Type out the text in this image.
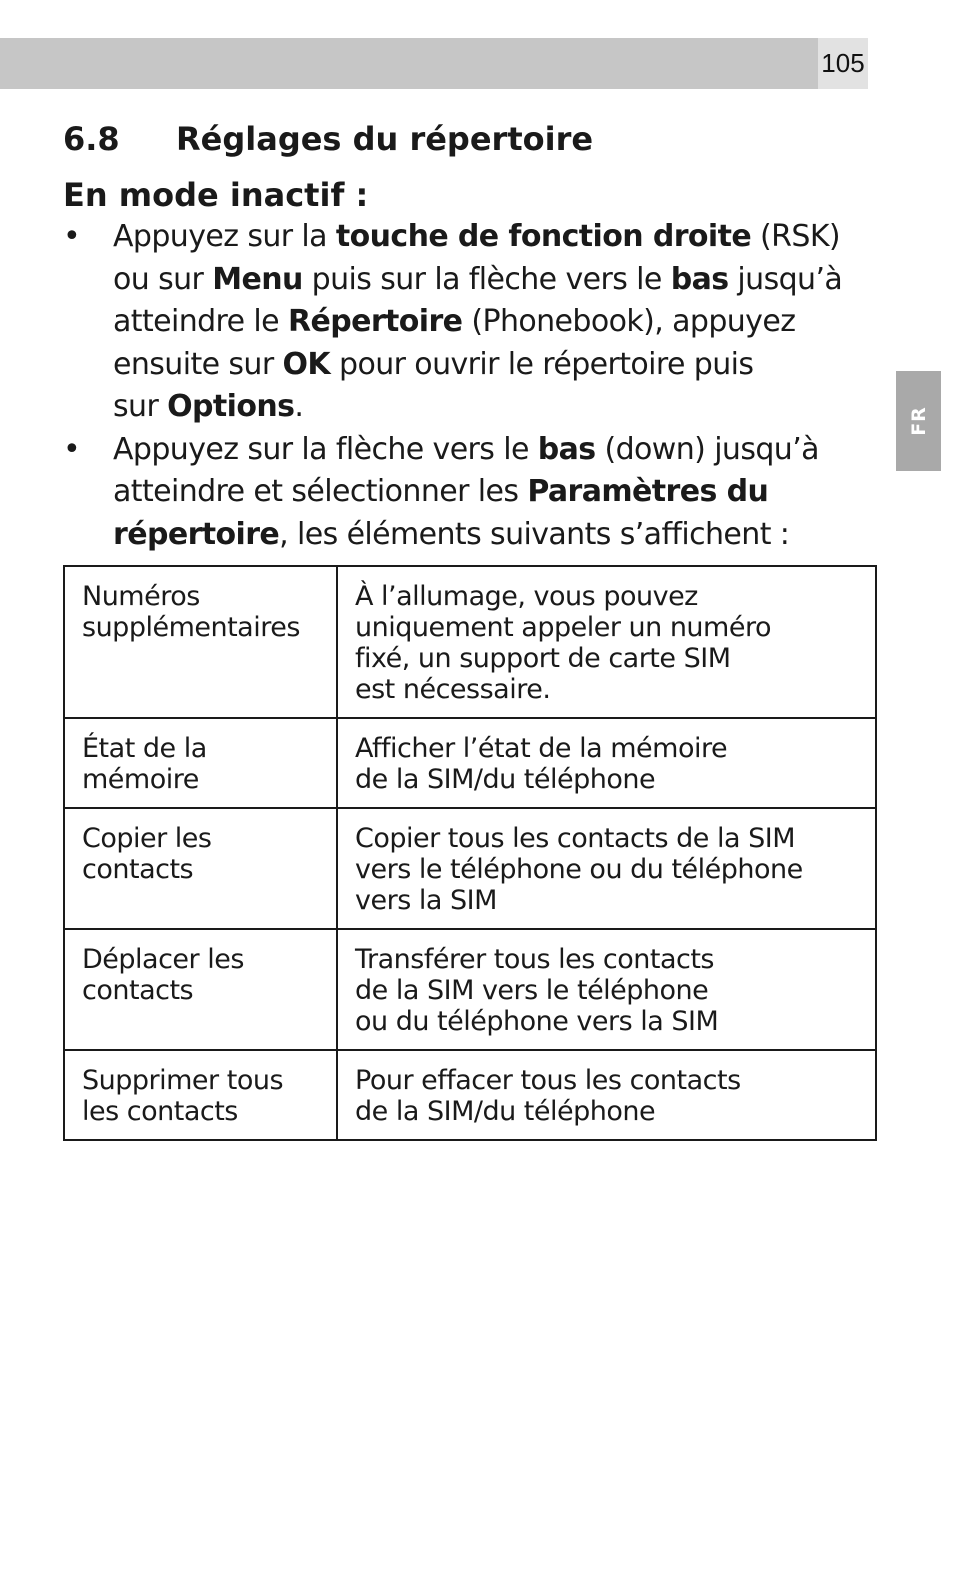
105
FR
6.8 Réglages du répertoire
En mode inactif :
• Appuyez sur la touche de fonction droite (RSK)
ou sur Menu puis sur la flèche vers le bas jusqu’à
atteindre le Répertoire (Phonebook), appuyez
ensuite sur OK pour ouvrir le répertoire puis
sur Options.
• Appuyez sur la flèche vers le bas (down) jusqu’à
atteindre et sélectionner les Paramètres du
répertoire, les éléments suivants s’affichent :
Numéros
supplémentaires	À l’allumage, vous pouvez
uniquement appeler un numéro
fixé, un support de carte SIM
est nécessaire.

État de la
mémoire	Afficher l’état de la mémoire
de la SIM/du téléphone

Copier les
contacts	Copier tous les contacts de la SIM
vers le téléphone ou du téléphone
vers la SIM

Déplacer les
contacts	Transférer tous les contacts
de la SIM vers le téléphone
ou du téléphone vers la SIM

Supprimer tous
les contacts	Pour effacer tous les contacts
de la SIM/du téléphone
